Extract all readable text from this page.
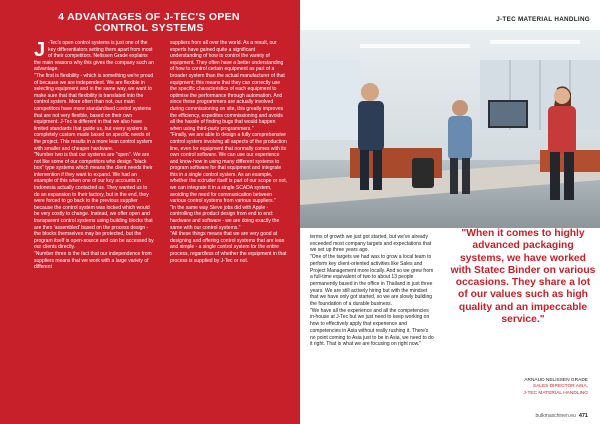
4 ADVANTAGES OF J-TEC'S OPEN CONTROL SYSTEMS

J -Tec's open control systems is just one of the key differentiators setting them apart from most of their competitors. Nelissen Grade explains the main reasons why this gives the company such an advantage.

"The first is flexibility - which is something we're proud of because we are independent. We are flexible in selecting equipment and in the same way, we want to make sure that that flexibility is translated into the control system. More often than not, our main competitors have more standardised control systems that are not very flexible, based on their own equipment. J-Tec is different in that we also have limited standards that guide us, but every system is completely custom made based on specific needs of the project. This results in a more lean control system with smaller and cheaper hardware.

"Number two is that our systems are "open". We are not like some of our competitors who design "black box" type systems which means the client needs their intervention if they want to expand. We had an example of this when one of our key accounts in Indonesia actually contacted us. They wanted us to do an expansion to their factory, but in the end, they were forced to go back to the previous supplier because the control system was locked which would be very costly to change. Instead, we offer open and transparent control systems using building blocks that are then 'assembled' based on the process design - the blocks themselves may be protected, but the program itself is open-source and can be accessed by our clients directly.

"Number three is the fact that our independence from suppliers means that we work with a large variety of different

suppliers from all over the world. As a result, our experts have gained quite a significant understanding of how to control the variety of equipment. They often have a better understanding of how to control certain equipment as part of a broader system than the actual manufacturer of that equipment; this means that they can correctly use the specific characteristics of each equipment to optimise the performance through automation. And since these programmers are actually involved during commissioning on site, this greatly improves the efficiency, expedites commissioning and avoids all the hassle of finding bugs that would happen when using third-party programmers."

"Finally, we are able to design a fully comprehensive control system involving all aspects of the production line, even for equipment that normally comes with its own control software. We can use our experience and know-how in using many different systems to program software for that equipment and integrate this in a single control system. As an example, whether the extruder itself is part of our scope or not, we can integrate it in a single SCADA system, avoiding the need for communication between various control systems from various suppliers."

"In the same way Steve jobs did with Apple - controlling the product design from end to end: hardware and software - we are doing exactly the same with our control systems."

"All these things means that we are very good at designing and offering control systems that are lean and simple - a single control system for the entire process, regardless of whether the equipment in that process is supplied by J-Tec or not.

J-TEC MATERIAL HANDLING

terms of growth we just got started, but we've already exceeded most company targets and expectations that we set up three years ago.

"One of the targets we had was to grow a local team to perform key client-oriented activities like Sales and Project Management more locally. And so we grew from a full-time equivalent of two to about 13 people permanently based in the office in Thailand in just three years. We are still actively hiring but with the mindset that we have only got started, so we are slowly building the foundation of a durable business.

"We have all the experience and all the competencies in-house at J-Tec but we just need to keep working on how to effectively apply that experience and competencies in Asia without really rushing it. There's no point coming to Asia just to be in Asia, we need to do it right. That is what we are focusing on right now."

"When it comes to highly advanced packaging systems, we have worked with Statec Binder on various occasions. They share a lot of our values such as high quality and an impeccable service."
ARNAUD NELISSEN GRADE
SALES DIRECTOR ASIA,
J-TEC MATERIAL HANDLING
bulkmaschinen.eu 471
